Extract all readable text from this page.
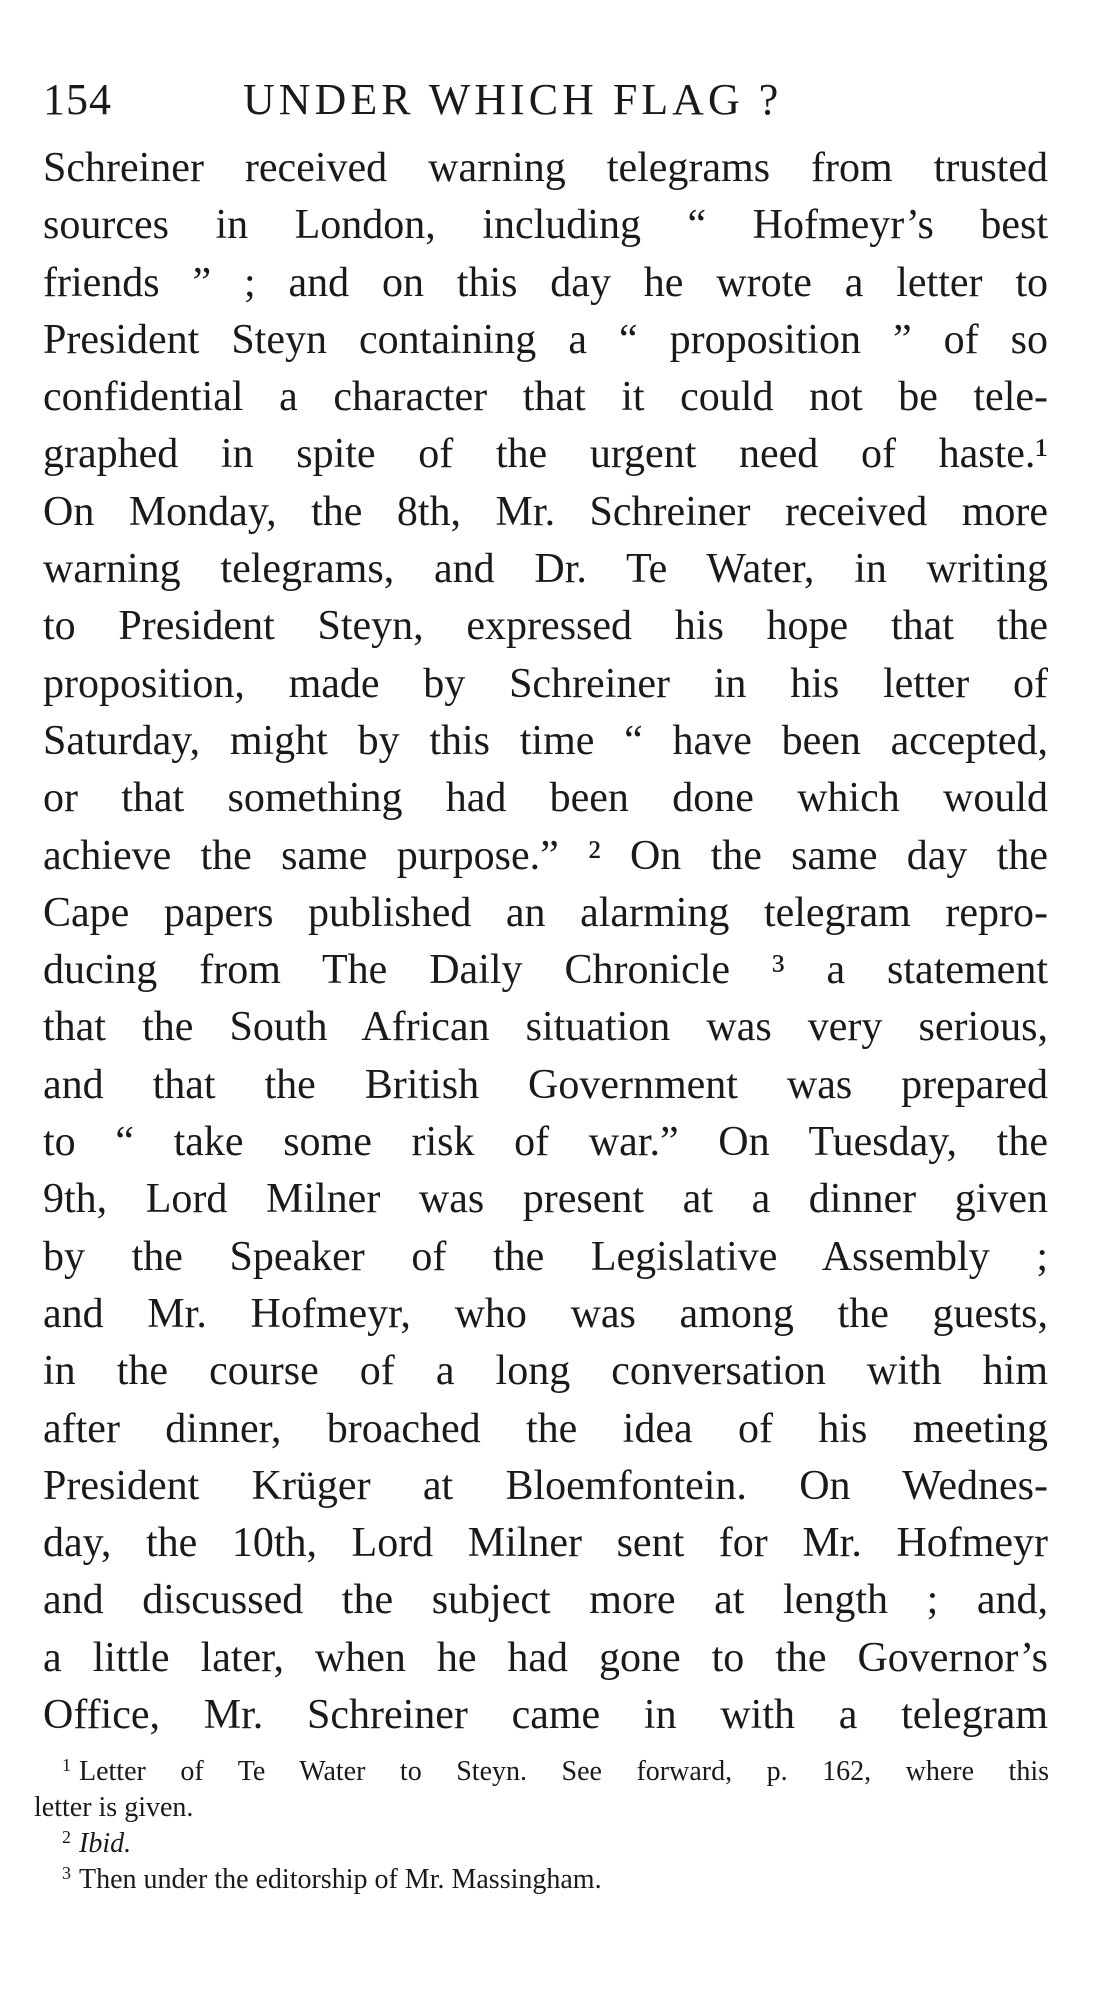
154	UNDER WHICH FLAG ?
Schreiner received warning telegrams from trusted
sources in London, including “ Hofmeyr’s best
friends ” ; and on this day he wrote a letter to
President Steyn containing a “ proposition ” of so
confidential a character that it could not be tele-
graphed in spite of the urgent need of haste.¹
On Monday, the 8th, Mr. Schreiner received more
warning telegrams, and Dr. Te Water, in writing
to President Steyn, expressed his hope that the
proposition, made by Schreiner in his letter of
Saturday, might by this time “ have been accepted,
or that something had been done which would
achieve the same purpose.” ² On the same day the
Cape papers published an alarming telegram repro-
ducing from The Daily Chronicle ³ a statement
that the South African situation was very serious,
and that the British Government was prepared
to “ take some risk of war.” On Tuesday, the
9th, Lord Milner was present at a dinner given
by the Speaker of the Legislative Assembly ;
and Mr. Hofmeyr, who was among the guests,
in the course of a long conversation with him
after dinner, broached the idea of his meeting
President Krüger at Bloemfontein. On Wednes-
day, the 10th, Lord Milner sent for Mr. Hofmeyr
and discussed the subject more at length ; and,
a little later, when he had gone to the Governor’s
Office, Mr. Schreiner came in with a telegram
$^1$ Letter of Te Water to Steyn. See forward, p. 162, where this
letter is given.
$^2$ Ibid.
$^3$ Then under the editorship of Mr. Massingham.
